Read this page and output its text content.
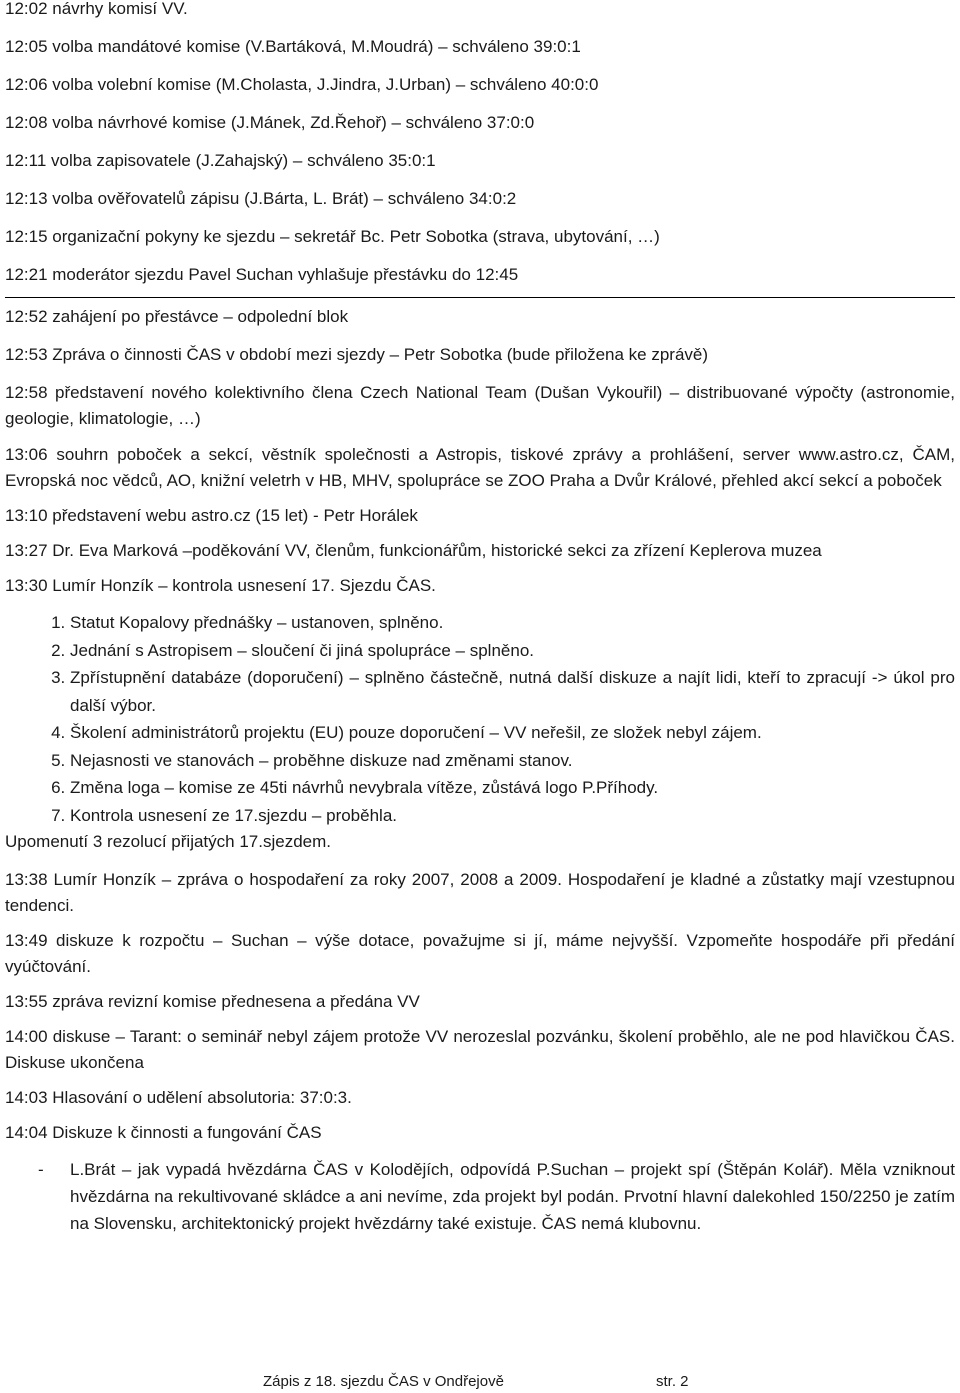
12:02 návrhy komisí VV.

12:05 volba mandátové komise (V.Bartáková, M.Moudrá) – schváleno 39:0:1

12:06 volba volební komise (M.Cholasta, J.Jindra, J.Urban) – schváleno 40:0:0

12:08 volba návrhové komise (J.Mánek, Zd.Řehoř) – schváleno 37:0:0

12:11 volba zapisovatele (J.Zahajský) – schváleno 35:0:1

12:13 volba ověřovatelů zápisu (J.Bárta, L. Brát) – schváleno 34:0:2

12:15 organizační pokyny ke sjezdu – sekretář Bc. Petr Sobotka (strava, ubytování, …)

12:21 moderátor sjezdu Pavel Suchan vyhlašuje přestávku do 12:45

12:52 zahájení po přestávce – odpolední blok

12:53 Zpráva o činnosti ČAS v období mezi sjezdy – Petr Sobotka (bude přiložena ke zprávě)

12:58 představení nového kolektivního člena Czech National Team (Dušan Vykouřil) – distribuované výpočty (astronomie, geologie, klimatologie, …)

13:06 souhrn poboček a sekcí, věstník společnosti a Astropis, tiskové zprávy a prohlášení, server www.astro.cz, ČAM, Evropská noc vědců, AO, knižní veletrh v HB, MHV, spolupráce se ZOO Praha a Dvůr Králové, přehled akcí sekcí a poboček

13:10 představení webu astro.cz (15 let) - Petr Horálek

13:27 Dr. Eva Marková –poděkování VV, členům, funkcionářům, historické sekci za zřízení Keplerova muzea

13:30 Lumír Honzík – kontrola usnesení 17. Sjezdu ČAS.

1. Statut Kopalovy přednášky – ustanoven, splněno.
2. Jednání s Astropisem – sloučení či jiná spolupráce – splněno.
3. Zpřístupnění databáze (doporučení) – splněno částečně, nutná další diskuze a najít lidi, kteří to zpracují -> úkol pro další výbor.
4. Školení administrátorů projektu (EU) pouze doporučení – VV neřešil, ze složek nebyl zájem.
5. Nejasnosti ve stanovách – proběhne diskuze nad změnami stanov.
6. Změna loga – komise ze 45ti návrhů nevybrala vítěze, zůstává logo P.Příhody.
7. Kontrola usnesení ze 17.sjezdu – proběhla.

Upomenutí 3 rezolucí přijatých 17.sjezdem.

13:38 Lumír Honzík – zpráva o hospodaření za roky 2007, 2008 a 2009. Hospodaření je kladné a zůstatky mají vzestupnou tendenci.

13:49 diskuze k rozpočtu – Suchan – výše dotace, považujme si jí, máme nejvyšší. Vzpomeňte hospodáře při předání vyúčtování.

13:55 zpráva revizní komise přednesena a předána VV

14:00 diskuse – Tarant: o seminář nebyl zájem protože VV nerozeslal pozvánku, školení proběhlo, ale ne pod hlavičkou ČAS. Diskuse ukončena

14:03 Hlasování o udělení absolutoria: 37:0:3.

14:04 Diskuze k činnosti a fungování ČAS

- L.Brát – jak vypadá hvězdárna ČAS v Kolodějích, odpovídá P.Suchan – projekt spí (Štěpán Kolář). Měla vzniknout hvězdárna na rekultivované skládce a ani nevíme, zda projekt byl podán. Prvotní hlavní dalekohled 150/2250 je zatím na Slovensku, architektonický projekt hvězdárny také existuje. ČAS nemá klubovnu.
Zápis z 18. sjezdu ČAS v Ondřejově	str. 2
